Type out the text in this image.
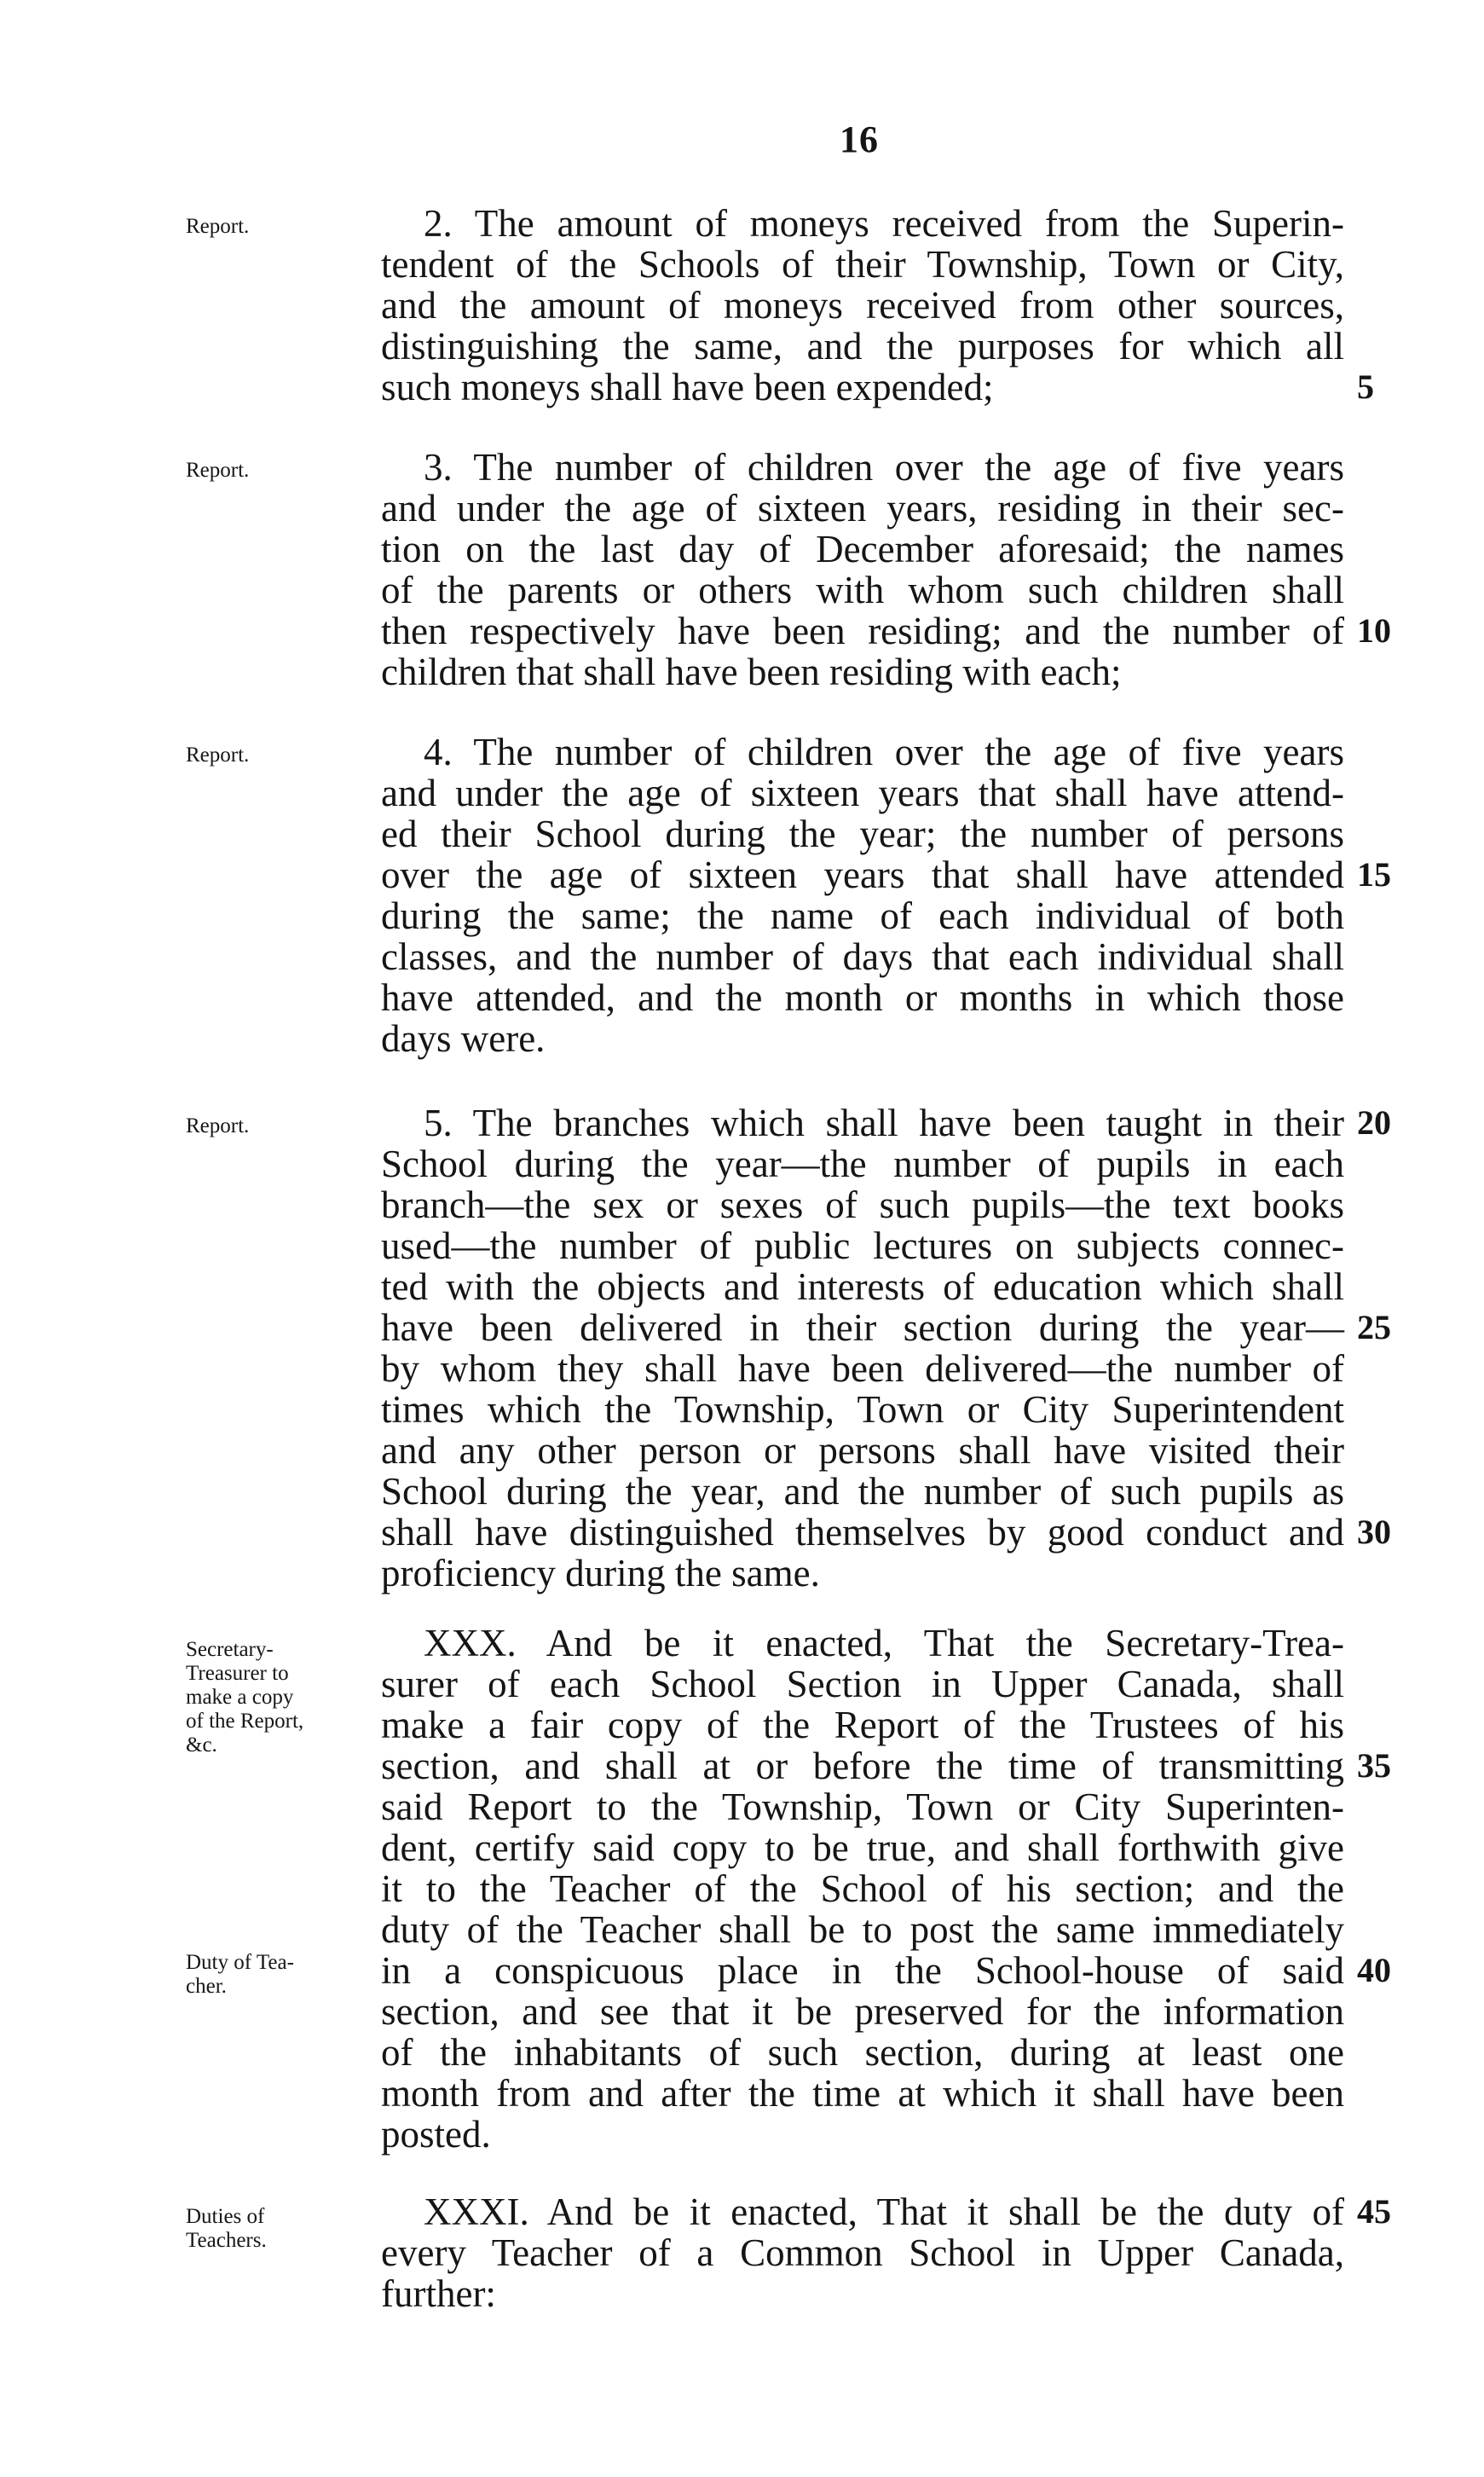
16
Report.	2. The amount of moneys received from the Superin-
tendent of the Schools of their Township, Town or City,
and the amount of moneys received from other sources,
distinguishing the same, and the purposes for which all
such moneys shall have been expended;	5
Report.	3. The number of children over the age of five years
and under the age of sixteen years, residing in their sec-
tion on the last day of December aforesaid; the names
of the parents or others with whom such children shall
then respectively have been residing; and the number of 10
children that shall have been residing with each;
Report.	4. The number of children over the age of five years
and under the age of sixteen years that shall have attend-
ed their School during the year; the number of persons
over the age of sixteen years that shall have attended 15
during the same; the name of each individual of both
classes, and the number of days that each individual shall
have attended, and the month or months in which those
days were.
Report.	5. The branches which shall have been taught in their 20
School during the year—the number of pupils in each
branch—the sex or sexes of such pupils—the text books
used—the number of public lectures on subjects connec-
ted with the objects and interests of education which shall
have been delivered in their section during the year— 25
by whom they shall have been delivered—the number of
times which the Township, Town or City Superintendent
and any other person or persons shall have visited their
School during the year, and the number of such pupils as
shall have distinguished themselves by good conduct and 30
proficiency during the same.
Secretary-
Treasurer to
make a copy
of the Report,
&c.
Duty of Tea-
cher.
XXX. And be it enacted, That the Secretary-Trea-
surer of each School Section in Upper Canada, shall
make a fair copy of the Report of the Trustees of his
section, and shall at or before the time of transmitting 35
said Report to the Township, Town or City Superinten-
dent, certify said copy to be true, and shall forthwith give
it to the Teacher of the School of his section; and the
duty of the Teacher shall be to post the same immediately
in a conspicuous place in the School-house of said 40
section, and see that it be preserved for the information
of the inhabitants of such section, during at least one
month from and after the time at which it shall have been
posted.
Duties of
Teachers.
XXXI. And be it enacted, That it shall be the duty of 45
every Teacher of a Common School in Upper Canada,
further:
